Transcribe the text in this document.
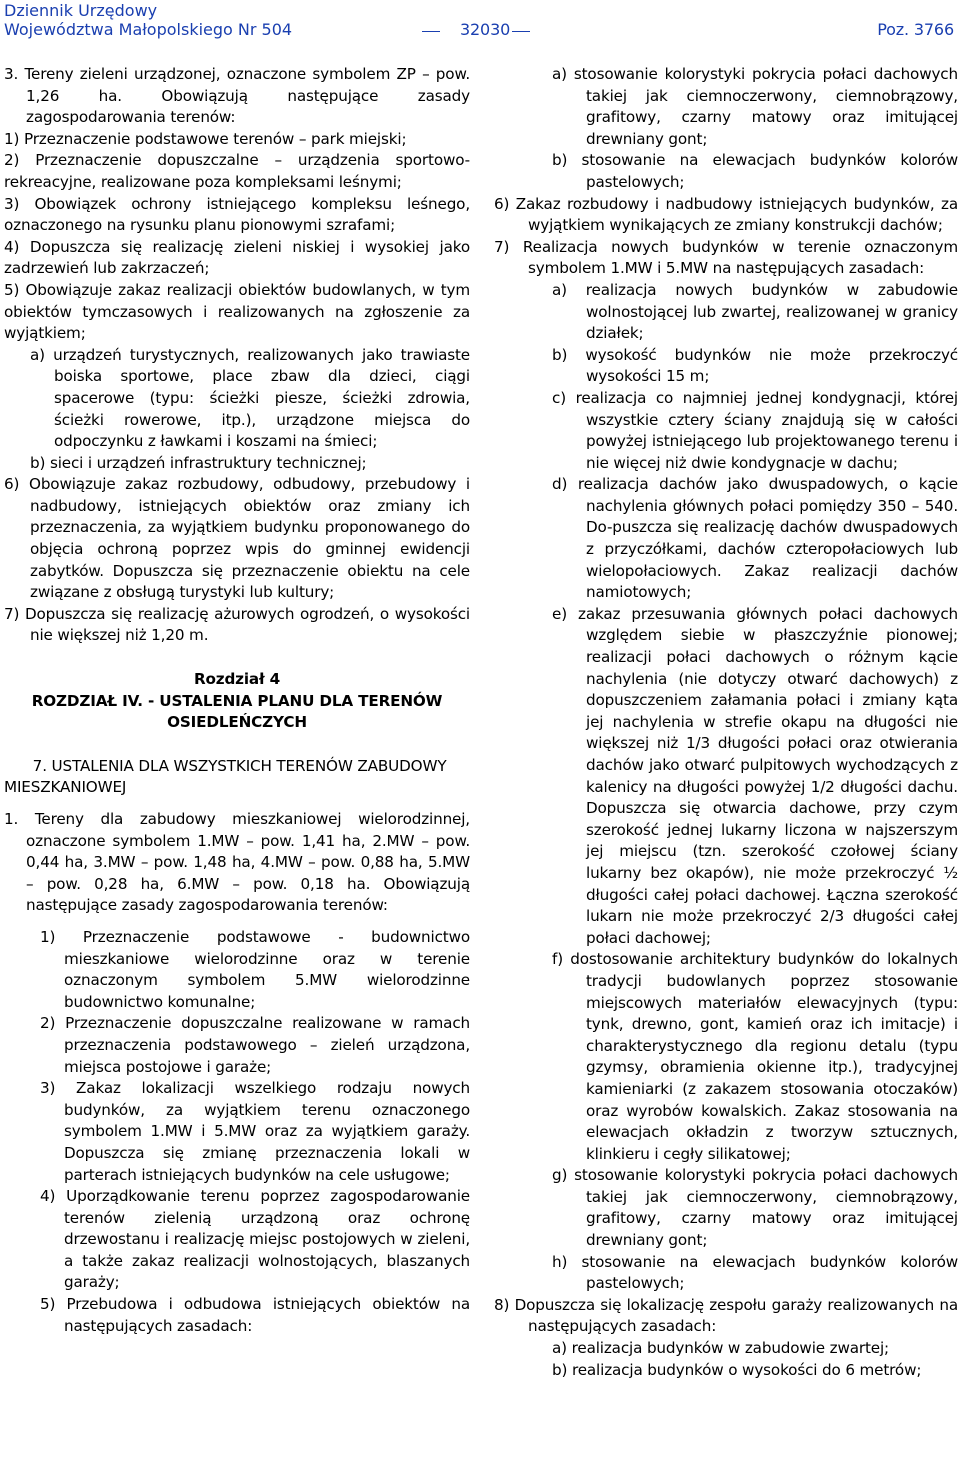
Dziennik Urzędowy
Województwa Małopolskiego Nr 504	32030	Poz. 3766

3. Tereny zieleni urządzonej, oznaczone symbolem ZP – pow. 1,26 ha. Obowiązują następujące zasady zagospodarowania terenów:

1) Przeznaczenie podstawowe terenów – park miejski;

2) Przeznaczenie dopuszczalne – urządzenia sportowo- rekreacyjne, realizowane poza kompleksami leśnymi;

3) Obowiązek ochrony istniejącego kompleksu leśnego, oznaczonego na rysunku planu pionowymi szrafami;

4) Dopuszcza się realizację zieleni niskiej i wysokiej jako zadrzewień lub zakrzaczeń;

5) Obowiązuje zakaz realizacji obiektów budowlanych, w tym obiektów tymczasowych i realizowanych na zgłoszenie za wyjątkiem;

a) urządzeń turystycznych, realizowanych jako trawiaste boiska sportowe, place zbaw dla dzieci, ciągi spacerowe (typu: ścieżki piesze, ścieżki zdrowia, ścieżki rowerowe, itp.), urządzone miejsca do odpoczynku z ławkami i koszami na śmieci;

b) sieci i urządzeń infrastruktury technicznej;

6) Obowiązuje zakaz rozbudowy, odbudowy, przebudowy i nadbudowy, istniejących obiektów oraz zmiany ich przeznaczenia, za wyjątkiem budynku proponowanego do objęcia ochroną poprzez wpis do gminnej ewidencji zabytków. Dopuszcza się przeznaczenie obiektu na cele związane z obsługą turystyki lub kultury;

7) Dopuszcza się realizację ażurowych ogrodzeń, o wysokości nie większej niż 1,20 m.

Rozdział 4

ROZDZIAŁ IV. - USTALENIA PLANU DLA TERENÓW

OSIEDLEŃCZYCH

7. USTALENIA DLA WSZYSTKICH TERENÓW ZABUDOWY MIESZKANIOWEJ

1. Tereny dla zabudowy mieszkaniowej wielorodzinnej, oznaczone symbolem 1.MW – pow. 1,41 ha, 2.MW – pow. 0,44 ha, 3.MW – pow. 1,48 ha, 4.MW – pow. 0,88 ha, 5.MW – pow. 0,28 ha, 6.MW – pow. 0,18 ha. Obowiązują następujące zasady zagospodarowania terenów:

1) Przeznaczenie podstawowe - budownictwo mieszkaniowe wielorodzinne oraz w terenie oznaczonym symbolem 5.MW wielorodzinne budownictwo komunalne;

2) Przeznaczenie dopuszczalne realizowane w ramach przeznaczenia podstawowego – zieleń urządzona, miejsca postojowe i garaże;

3) Zakaz lokalizacji wszelkiego rodzaju nowych budynków, za wyjątkiem terenu oznaczonego symbolem 1.MW i 5.MW oraz za wyjątkiem garaży. Dopuszcza się zmianę przeznaczenia lokali w parterach istniejących budynków na cele usługowe;

4) Uporządkowanie terenu poprzez zagospodarowanie terenów zielenią urządzoną oraz ochronę drzewostanu i realizację miejsc postojowych w zieleni, a także zakaz realizacji wolnostojących, blaszanych garaży;

5) Przebudowa i odbudowa istniejących obiektów na następujących zasadach:

a) stosowanie kolorystyki pokrycia połaci dachowych takiej jak ciemnoczerwony, ciemnobrązowy, grafitowy, czarny matowy oraz imitującej drewniany gont;

b) stosowanie na elewacjach budynków kolorów pastelowych;

6) Zakaz rozbudowy i nadbudowy istniejących budynków, za wyjątkiem wynikających ze zmiany konstrukcji dachów;

7) Realizacja nowych budynków w terenie oznaczonym symbolem 1.MW i 5.MW na następujących zasadach:

a) realizacja nowych budynków w zabudowie wolnostojącej lub zwartej, realizowanej w granicy działek;

b) wysokość budynków nie może przekroczyć wysokości 15 m;

c) realizacja co najmniej jednej kondygnacji, której wszystkie cztery ściany znajdują się w całości powyżej istniejącego lub projektowanego terenu i nie więcej niż dwie kondygnacje w dachu;

d) realizacja dachów jako dwuspadowych, o kącie nachylenia głównych połaci pomiędzy 350 – 540. Do-puszcza się realizację dachów dwuspadowych z przyczółkami, dachów czteropołaciowych lub wielopołaciowych. Zakaz realizacji dachów namiotowych;

e) zakaz przesuwania głównych połaci dachowych względem siebie w płaszczyźnie pionowej; realizacji połaci dachowych o różnym kącie nachylenia (nie dotyczy otwarć dachowych) z dopuszczeniem załamania połaci i zmiany kąta jej nachylenia w strefie okapu na długości nie większej niż 1/3 długości połaci oraz otwierania dachów jako otwarć pulpitowych wychodzących z kalenicy na długości powyżej 1/2 długości dachu. Dopuszcza się otwarcia dachowe, przy czym szerokość jednej lukarny liczona w najszerszym jej miejscu (tzn. szerokość czołowej ściany lukarny bez okapów), nie może przekroczyć ½ długości całej połaci dachowej. Łączna szerokość lukarn nie może przekroczyć 2/3 długości całej połaci dachowej;

f) dostosowanie architektury budynków do lokalnych tradycji budowlanych poprzez stosowanie miejscowych materiałów elewacyjnych (typu: tynk, drewno, gont, kamień oraz ich imitacje) i charakterystycznego dla regionu detalu (typu gzymsy, obramienia okienne itp.), tradycyjnej kamieniarki (z zakazem stosowania otoczaków) oraz wyrobów kowalskich. Zakaz stosowania na elewacjach okładzin z tworzyw sztucznych, klinkieru i cegły silikatowej;

g) stosowanie kolorystyki pokrycia połaci dachowych takiej jak ciemnoczerwony, ciemnobrązowy, grafitowy, czarny matowy oraz imitującej drewniany gont;

h) stosowanie na elewacjach budynków kolorów pastelowych;

8) Dopuszcza się lokalizację zespołu garaży realizowanych na następujących zasadach:

a) realizacja budynków w zabudowie zwartej;

b) realizacja budynków o wysokości do 6 metrów;
